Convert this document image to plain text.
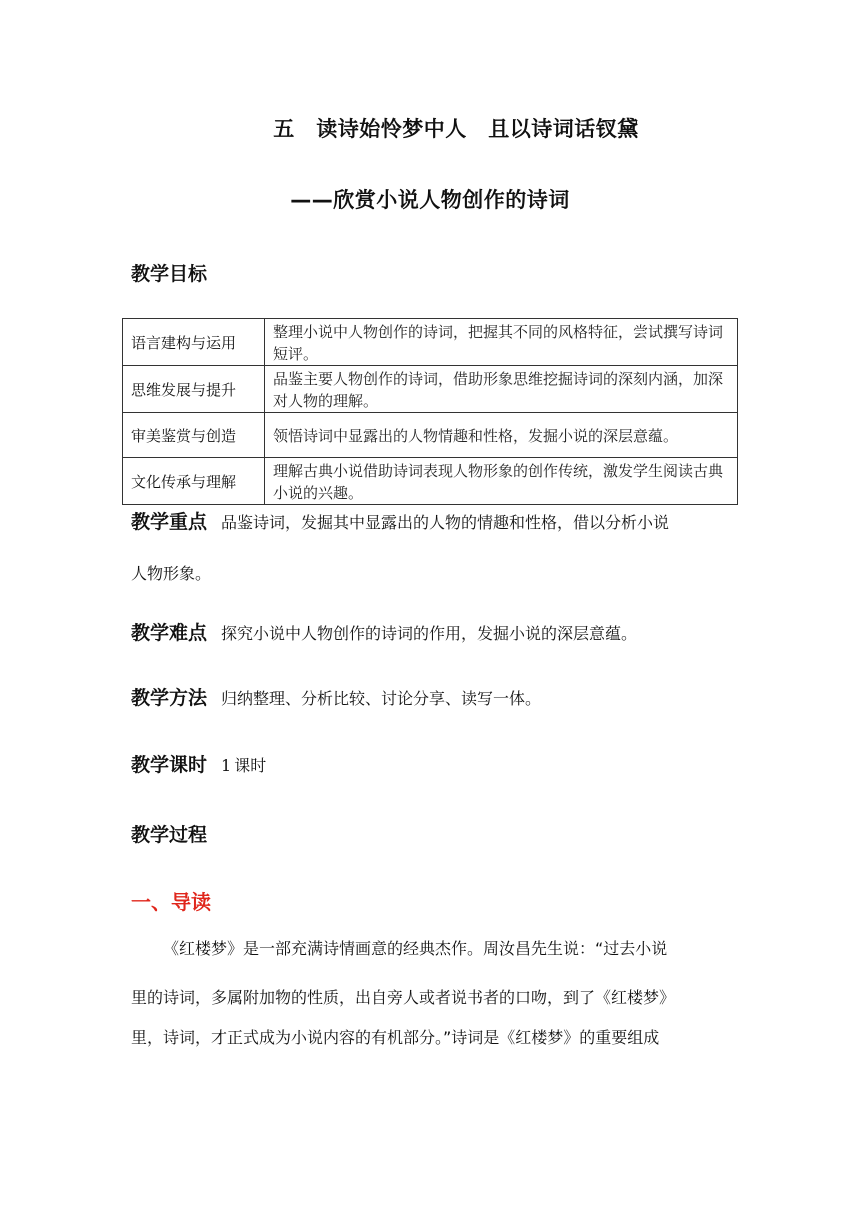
五　读诗始怜梦中人　且以诗词话钗黛
——欣赏小说人物创作的诗词
教学目标
语言建构与运用	整理小说中人物创作的诗词，把握其不同的风格特征，尝试撰写诗词短评。
思维发展与提升	品鉴主要人物创作的诗词，借助形象思维挖掘诗词的深刻内涵，加深对人物的理解。
审美鉴赏与创造	领悟诗词中显露出的人物情趣和性格，发掘小说的深层意蕴。
文化传承与理解	理解古典小说借助诗词表现人物形象的创作传统，激发学生阅读古典小说的兴趣。
教学重点 品鉴诗词，发掘其中显露出的人物的情趣和性格，借以分析小说
人物形象。
教学难点 探究小说中人物创作的诗词的作用，发掘小说的深层意蕴。
教学方法 归纳整理、分析比较、讨论分享、读写一体。
教学课时 1 课时
教学过程
一、导读
《红楼梦》是一部充满诗情画意的经典杰作。周汝昌先生说：“过去小说
里的诗词，多属附加物的性质，出自旁人或者说书者的口吻，到了《红楼梦》
里，诗词，才正式成为小说内容的有机部分。”诗词是《红楼梦》的重要组成
